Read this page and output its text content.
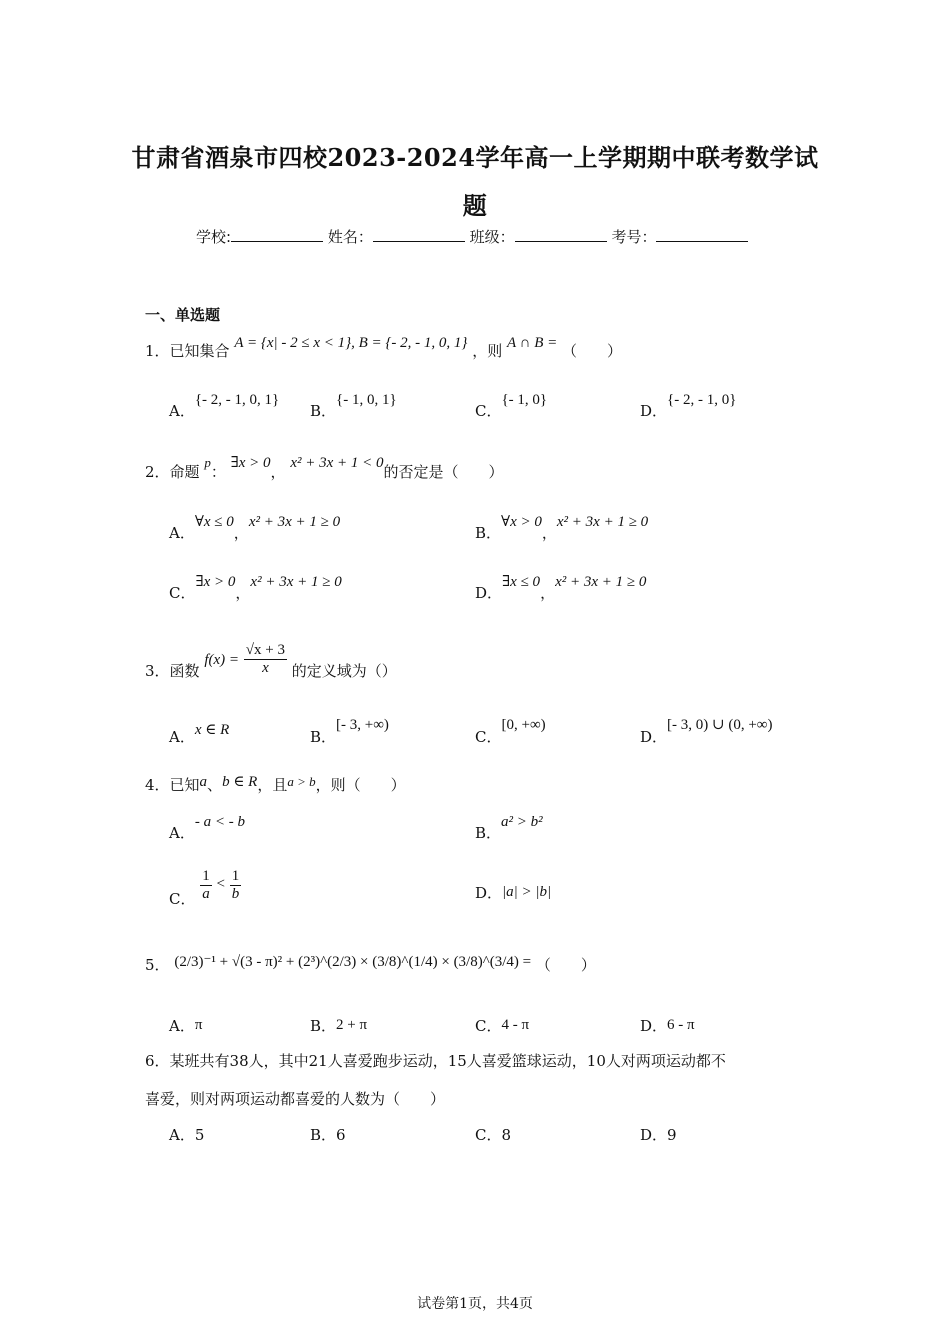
甘肃省酒泉市四校2023-2024学年高一上学期期中联考数学试
题
学校:	姓名：	班级：	考号：
一、单选题
1．已知集合 A = {x| - 2 ≤ x < 1}, B = {- 2, - 1, 0, 1} ，则 A ∩ B = （　　）
A．{- 2, - 1, 0, 1}
B．{- 1, 0, 1}
C．{- 1, 0}
D．{- 2, - 1, 0}
2．命题 p： ∃x > 0， x² + 3x + 1 < 0的否定是（　　）
A．∀x ≤ 0，x² + 3x + 1 ≥ 0
B．∀x > 0，x² + 3x + 1 ≥ 0
C．∃x > 0，x² + 3x + 1 ≥ 0
D．∃x ≤ 0，x² + 3x + 1 ≥ 0
3．函数 $f(x) = \frac{√x + 3}{x}$ 的定义域为（）
A．x ∈ R	B．[- 3, +∞)
C．[0, +∞)
D．[- 3, 0) ∪ (0, +∞)
4．已知a、b ∈ R，且a > b，则（　　）
A．- a < - b
B．a² > b²
C． $\frac{1}{a} < \frac{1}{b}$	D．|a| > |b|
5． (2/3)⁻¹ + √(3 - π)² + (2³)^(2/3) × (3/8)^(1/4) × (3/8)^(3/4) = （　　）
A．π	B．2 + π	C．4 - π	D．6 - π
6．某班共有38人，其中21人喜爱跑步运动，15人喜爱篮球运动，10人对两项运动都不
喜爱，则对两项运动都喜爱的人数为（　　）
A．5	B．6	C．8	D．9
试卷第1页，共4页
